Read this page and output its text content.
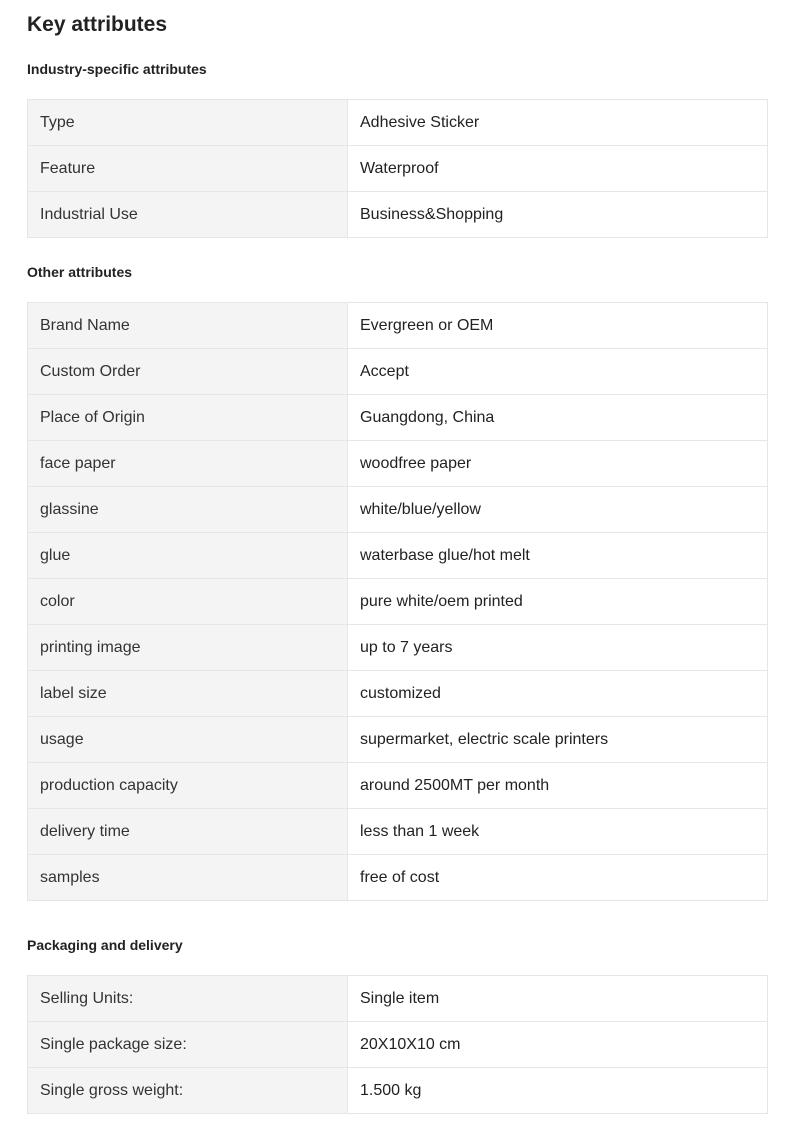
Key attributes
Industry-specific attributes
Type	Adhesive Sticker
Feature	Waterproof
Industrial Use	Business&Shopping
Other attributes
Brand Name	Evergreen or OEM
Custom Order	Accept
Place of Origin	Guangdong, China
face paper	woodfree paper
glassine	white/blue/yellow
glue	waterbase glue/hot melt
color	pure white/oem printed
printing image	up to 7 years
label size	customized
usage	supermarket, electric scale printers
production capacity	around 2500MT per month
delivery time	less than 1 week
samples	free of cost
Packaging and delivery
Selling Units:	Single item
Single package size:	20X10X10 cm
Single gross weight:	1.500 kg
